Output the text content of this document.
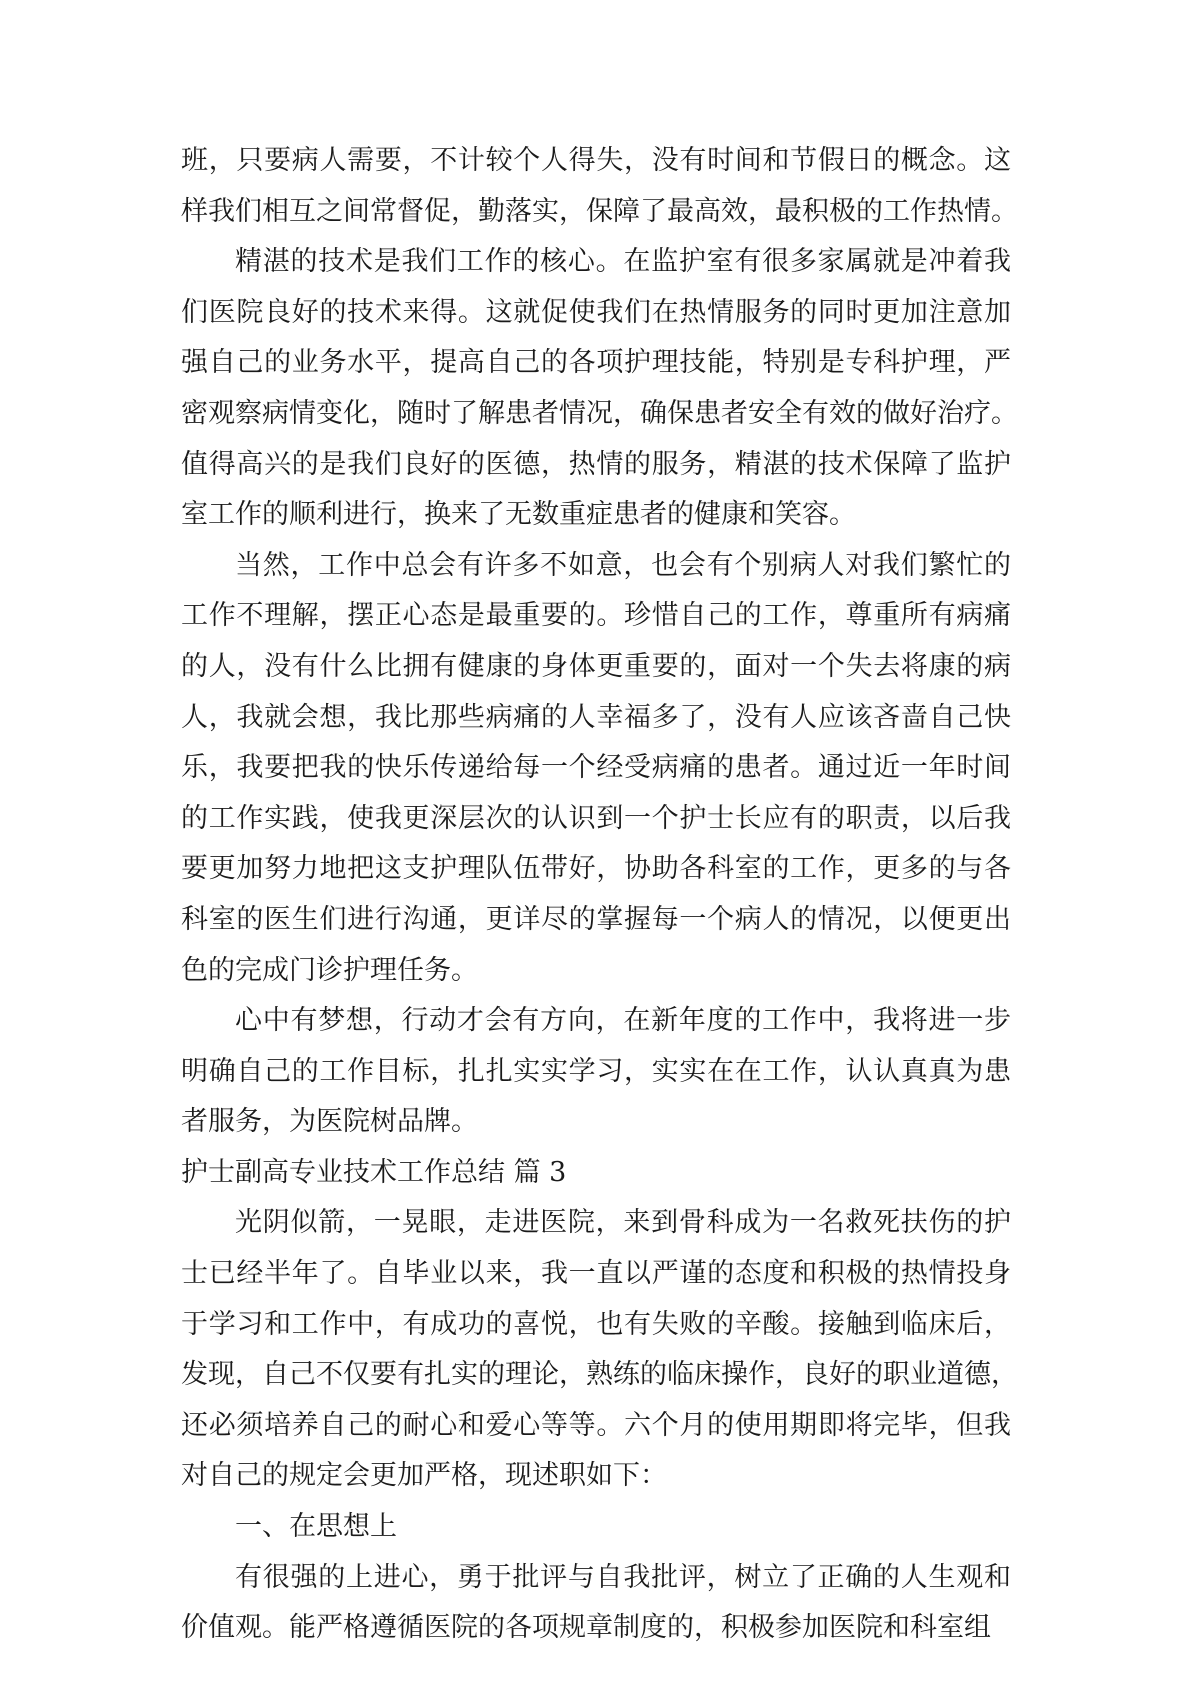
班，只要病人需要，不计较个人得失，没有时间和节假日的概念。这
样我们相互之间常督促，勤落实，保障了最高效，最积极的工作热情。
精湛的技术是我们工作的核心。在监护室有很多家属就是冲着我
们医院良好的技术来得。这就促使我们在热情服务的同时更加注意加
强自己的业务水平，提高自己的各项护理技能，特别是专科护理，严
密观察病情变化，随时了解患者情况，确保患者安全有效的做好治疗。
值得高兴的是我们良好的医德，热情的服务，精湛的技术保障了监护
室工作的顺利进行，换来了无数重症患者的健康和笑容。
当然，工作中总会有许多不如意，也会有个别病人对我们繁忙的
工作不理解，摆正心态是最重要的。珍惜自己的工作，尊重所有病痛
的人，没有什么比拥有健康的身体更重要的，面对一个失去将康的病
人，我就会想，我比那些病痛的人幸福多了，没有人应该吝啬自己快
乐，我要把我的快乐传递给每一个经受病痛的患者。通过近一年时间
的工作实践，使我更深层次的认识到一个护士长应有的职责，以后我
要更加努力地把这支护理队伍带好，协助各科室的工作，更多的与各
科室的医生们进行沟通，更详尽的掌握每一个病人的情况，以便更出
色的完成门诊护理任务。
心中有梦想，行动才会有方向，在新年度的工作中，我将进一步
明确自己的工作目标，扎扎实实学习，实实在在工作，认认真真为患
者服务，为医院树品牌。
护士副高专业技术工作总结 篇 3
光阴似箭，一晃眼，走进医院，来到骨科成为一名救死扶伤的护
士已经半年了。自毕业以来，我一直以严谨的态度和积极的热情投身
于学习和工作中，有成功的喜悦，也有失败的辛酸。接触到临床后，
发现，自己不仅要有扎实的理论，熟练的临床操作，良好的职业道德，
还必须培养自己的耐心和爱心等等。六个月的使用期即将完毕，但我
对自己的规定会更加严格，现述职如下：
一、在思想上
有很强的上进心，勇于批评与自我批评，树立了正确的人生观和
价值观。能严格遵循医院的各项规章制度的，积极参加医院和科室组
